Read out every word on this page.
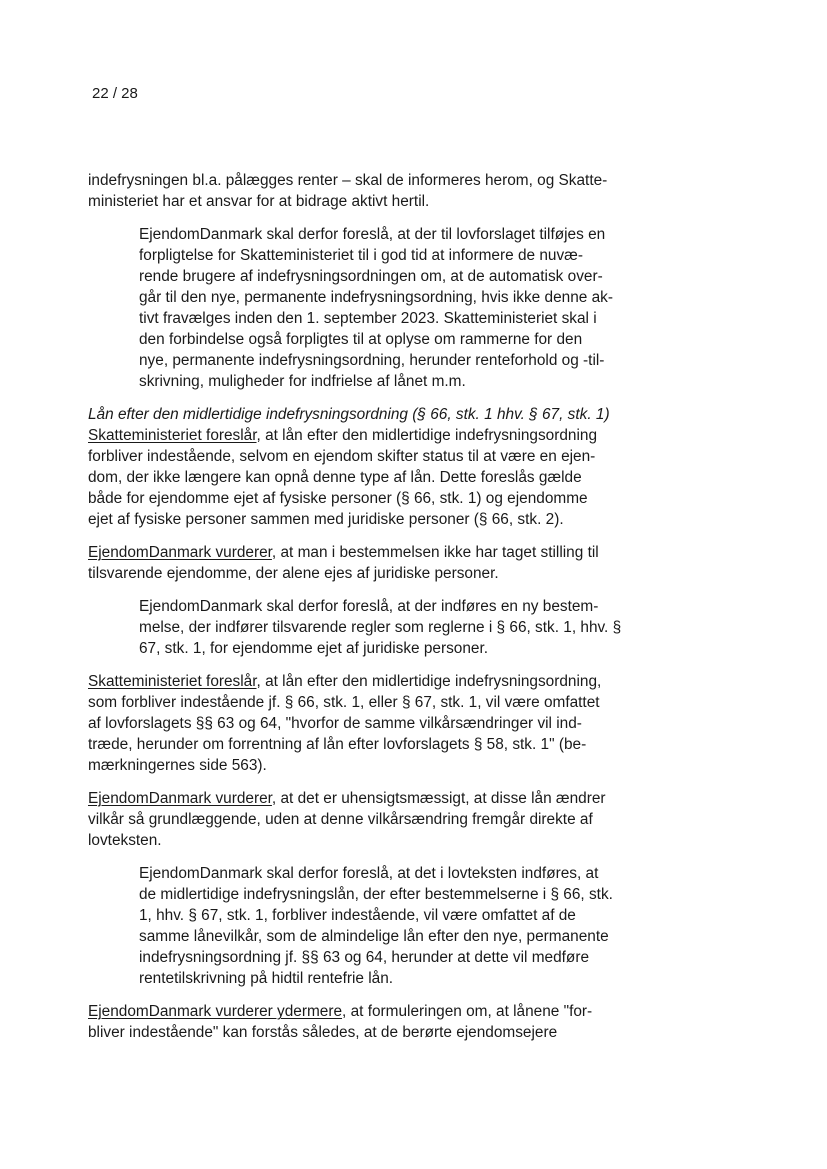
22 / 28
indefrysningen bl.a. pålægges renter – skal de informeres herom, og Skatte-
ministeriet har et ansvar for at bidrage aktivt hertil.
EjendomDanmark skal derfor foreslå, at der til lovforslaget tilføjes en
forpligtelse for Skatteministeriet til i god tid at informere de nuvæ-
rende brugere af indefrysningsordningen om, at de automatisk over-
går til den nye, permanente indefrysningsordning, hvis ikke denne ak-
tivt fravælges inden den 1. september 2023. Skatteministeriet skal i
den forbindelse også forpligtes til at oplyse om rammerne for den
nye, permanente indefrysningsordning, herunder renteforhold og -til-
skrivning, muligheder for indfrielse af lånet m.m.
Lån efter den midlertidige indefrysningsordning (§ 66, stk. 1 hhv. § 67, stk. 1)
Skatteministeriet foreslår, at lån efter den midlertidige indefrysningsordning
forbliver indestående, selvom en ejendom skifter status til at være en ejen-
dom, der ikke længere kan opnå denne type af lån. Dette foreslås gælde
både for ejendomme ejet af fysiske personer (§ 66, stk. 1) og ejendomme
ejet af fysiske personer sammen med juridiske personer (§ 66, stk. 2).
EjendomDanmark vurderer, at man i bestemmelsen ikke har taget stilling til
tilsvarende ejendomme, der alene ejes af juridiske personer.
EjendomDanmark skal derfor foreslå, at der indføres en ny bestem-
melse, der indfører tilsvarende regler som reglerne i § 66, stk. 1, hhv. §
67, stk. 1, for ejendomme ejet af juridiske personer.
Skatteministeriet foreslår, at lån efter den midlertidige indefrysningsordning,
som forbliver indestående jf. § 66, stk. 1, eller § 67, stk. 1, vil være omfattet
af lovforslagets §§ 63 og 64, "hvorfor de samme vilkårsændringer vil ind-
træde, herunder om forrentning af lån efter lovforslagets § 58, stk. 1" (be-
mærkningernes side 563).
EjendomDanmark vurderer, at det er uhensigtsmæssigt, at disse lån ændrer
vilkår så grundlæggende, uden at denne vilkårsændring fremgår direkte af
lovteksten.
EjendomDanmark skal derfor foreslå, at det i lovteksten indføres, at
de midlertidige indefrysningslån, der efter bestemmelserne i § 66, stk.
1, hhv. § 67, stk. 1, forbliver indestående, vil være omfattet af de
samme lånevilkår, som de almindelige lån efter den nye, permanente
indefrysningsordning jf. §§ 63 og 64, herunder at dette vil medføre
rentetilskrivning på hidtil rentefrie lån.
EjendomDanmark vurderer ydermere, at formuleringen om, at lånene "for-
bliver indestående" kan forstås således, at de berørte ejendomsejere
